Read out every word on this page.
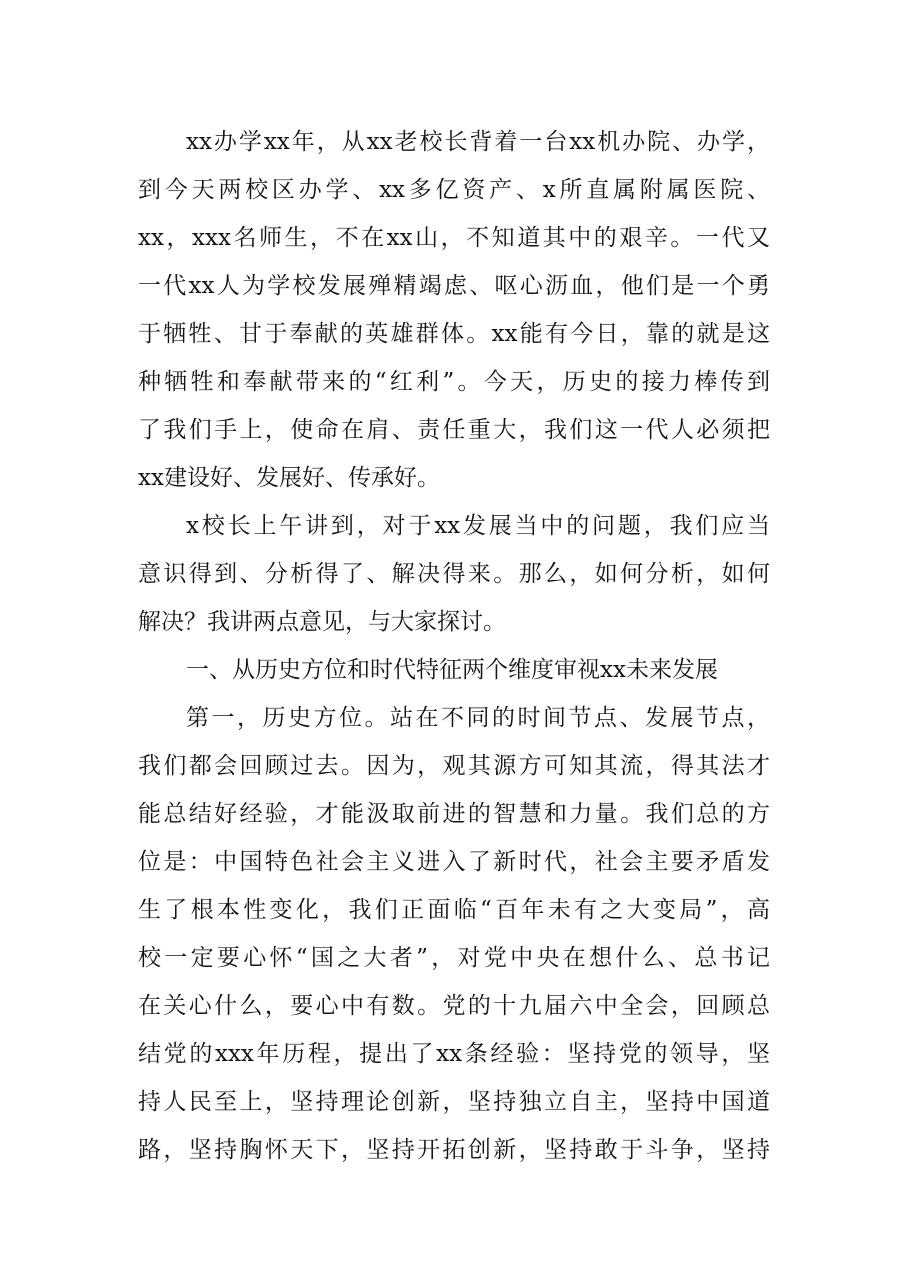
xx办学xx年，从xx老校长背着一台xx机办院、办学，
到今天两校区办学、xx多亿资产、x所直属附属医院、
xx，xxx名师生，不在xx山，不知道其中的艰辛。一代又
一代xx人为学校发展殚精竭虑、呕心沥血，他们是一个勇
于牺牲、甘于奉献的英雄群体。xx能有今日，靠的就是这
种牺牲和奉献带来的“红利”。今天，历史的接力棒传到
了我们手上，使命在肩、责任重大，我们这一代人必须把
xx建设好、发展好、传承好。
x校长上午讲到，对于xx发展当中的问题，我们应当
意识得到、分析得了、解决得来。那么，如何分析，如何
解决？我讲两点意见，与大家探讨。
一、从历史方位和时代特征两个维度审视xx未来发展
第一，历史方位。站在不同的时间节点、发展节点，
我们都会回顾过去。因为，观其源方可知其流，得其法才
能总结好经验，才能汲取前进的智慧和力量。我们总的方
位是：中国特色社会主义进入了新时代，社会主要矛盾发
生了根本性变化，我们正面临“百年未有之大变局”，高
校一定要心怀“国之大者”，对党中央在想什么、总书记
在关心什么，要心中有数。党的十九届六中全会，回顾总
结党的xxx年历程，提出了xx条经验：坚持党的领导，坚
持人民至上，坚持理论创新，坚持独立自主，坚持中国道
路，坚持胸怀天下，坚持开拓创新，坚持敢于斗争，坚持
